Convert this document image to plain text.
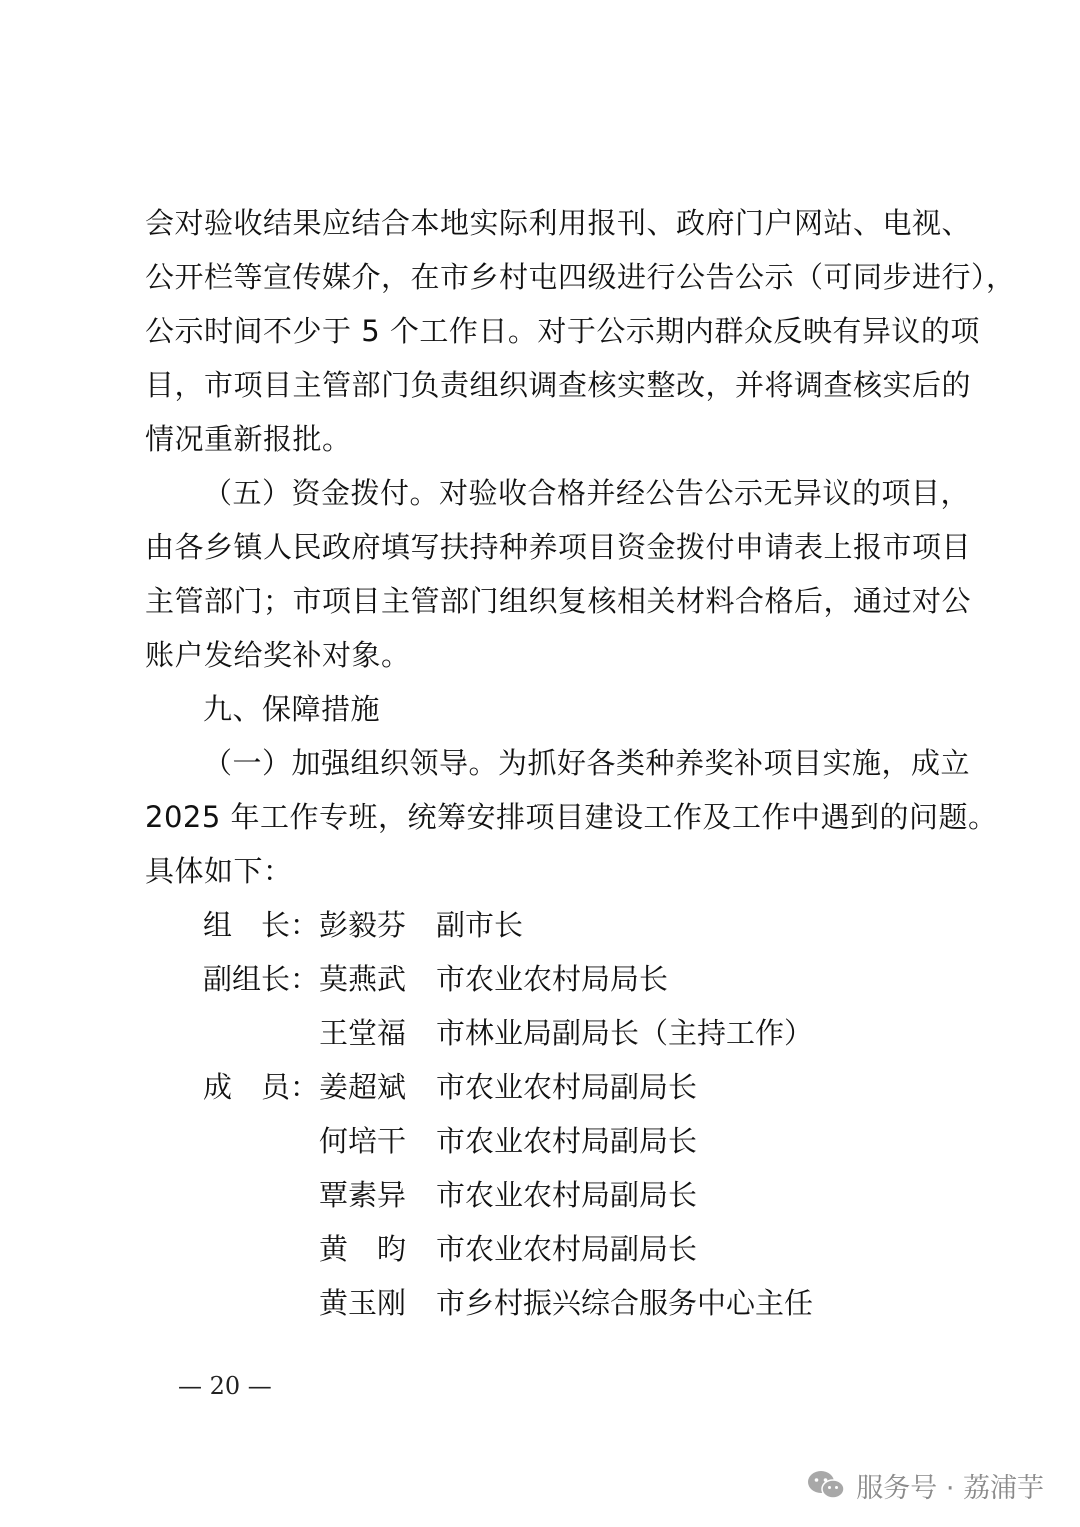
会对验收结果应结合本地实际利用报刊、政府门户网站、电视、
公开栏等宣传媒介，在市乡村屯四级进行公告公示（可同步进行），
公示时间不少于 5 个工作日。对于公示期内群众反映有异议的项
目，市项目主管部门负责组织调查核实整改，并将调查核实后的
情况重新报批。
（五）资金拨付。对验收合格并经公告公示无异议的项目，
由各乡镇人民政府填写扶持种养项目资金拨付申请表上报市项目
主管部门；市项目主管部门组织复核相关材料合格后，通过对公
账户发给奖补对象。
九、保障措施
（一）加强组织领导。为抓好各类种养奖补项目实施，成立
2025 年工作专班，统筹安排项目建设工作及工作中遇到的问题。
具体如下：
组　长： 彭毅芬	副市长
副组长： 莫燕武	市农业农村局局长
王堂福	市林业局副局长（主持工作）
成　员： 姜超斌	市农业农村局副局长
何培干	市农业农村局副局长
覃素异	市农业农村局副局长
黄　昀	市农业农村局副局长
黄玉刚	市乡村振兴综合服务中心主任
— 20 —
服务号 · 荔浦芋
